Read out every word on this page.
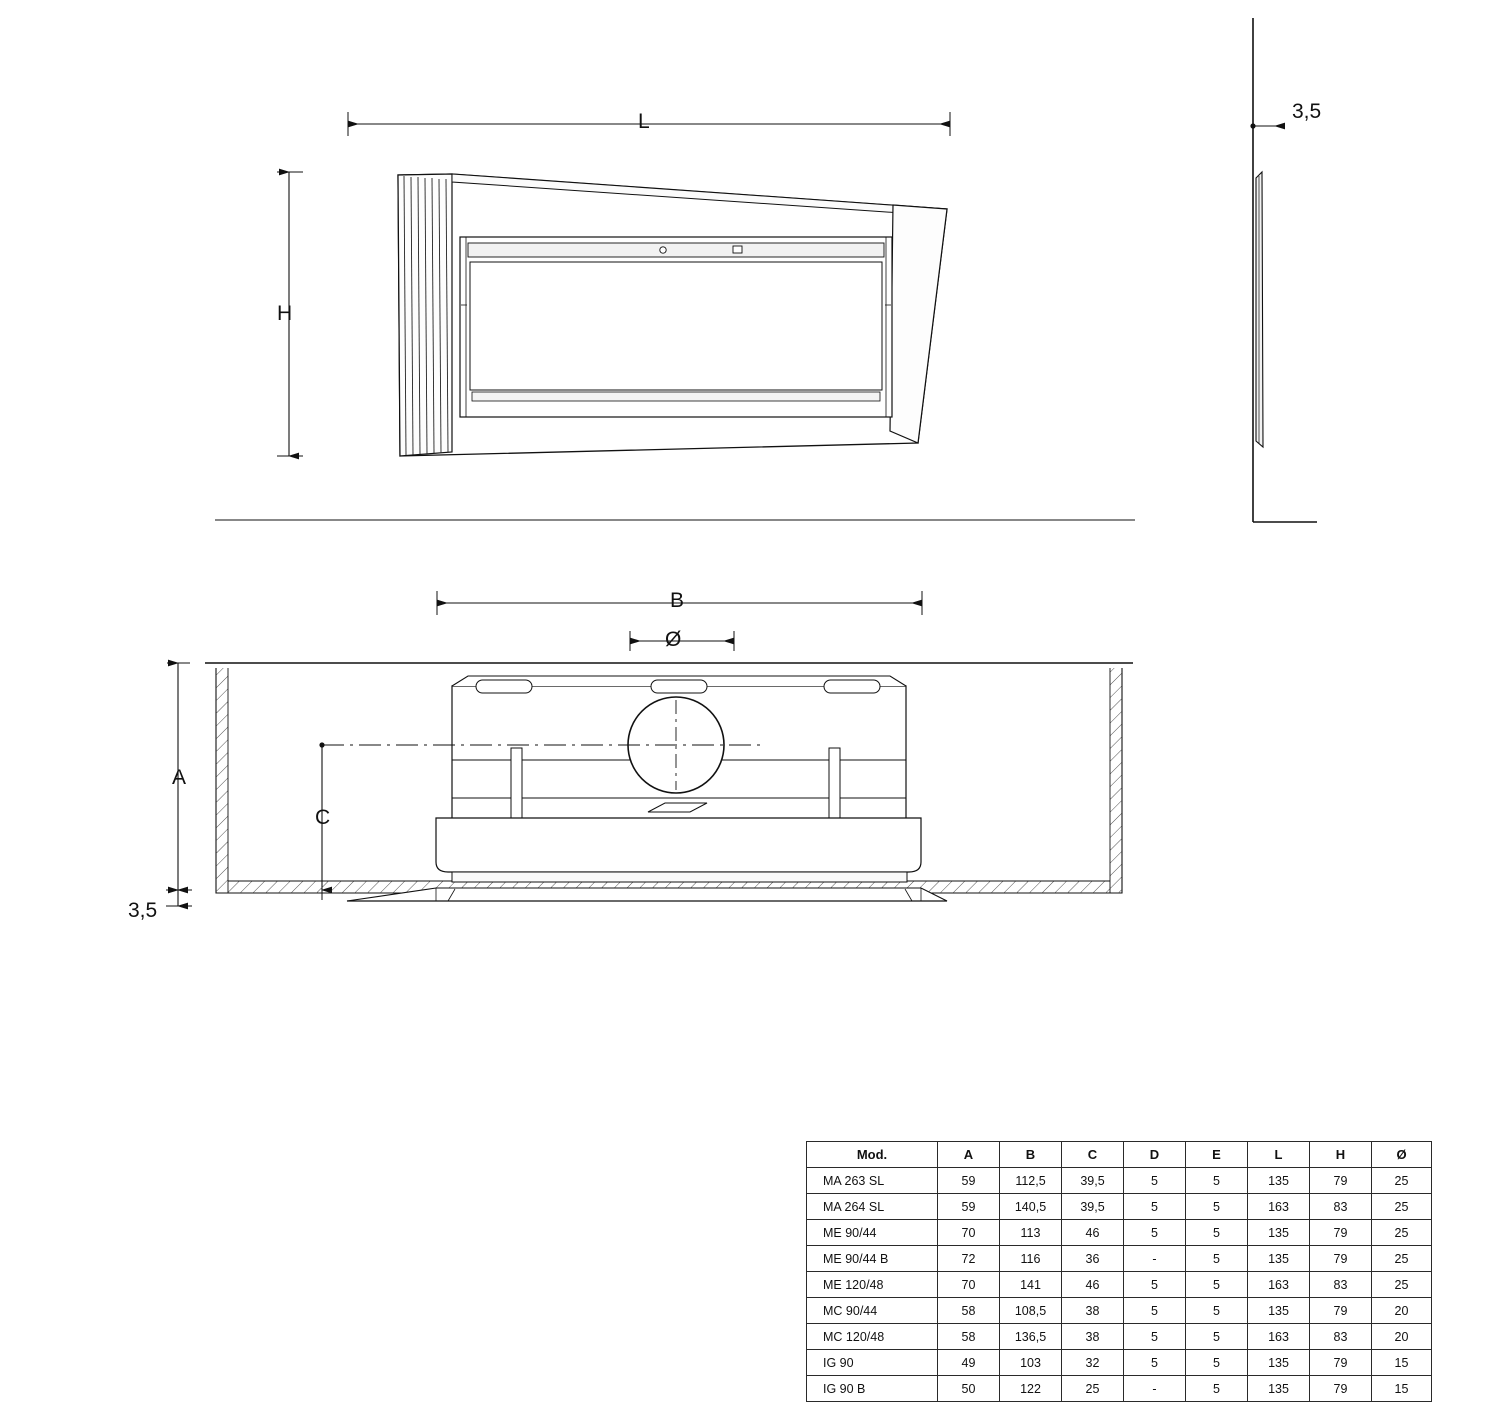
L
H
3,5
B
Ø
A
C
3,5
Mod.	A	B	C	D	E	L	H	Ø
MA 263 SL	59	112,5	39,5	5	5	135	79	25
MA 264 SL	59	140,5	39,5	5	5	163	83	25
ME 90/44	70	113	46	5	5	135	79	25
ME 90/44 B	72	116	36	-	5	135	79	25
ME 120/48	70	141	46	5	5	163	83	25
MC 90/44	58	108,5	38	5	5	135	79	20
MC 120/48	58	136,5	38	5	5	163	83	20
IG 90	49	103	32	5	5	135	79	15
IG 90 B	50	122	25	-	5	135	79	15
